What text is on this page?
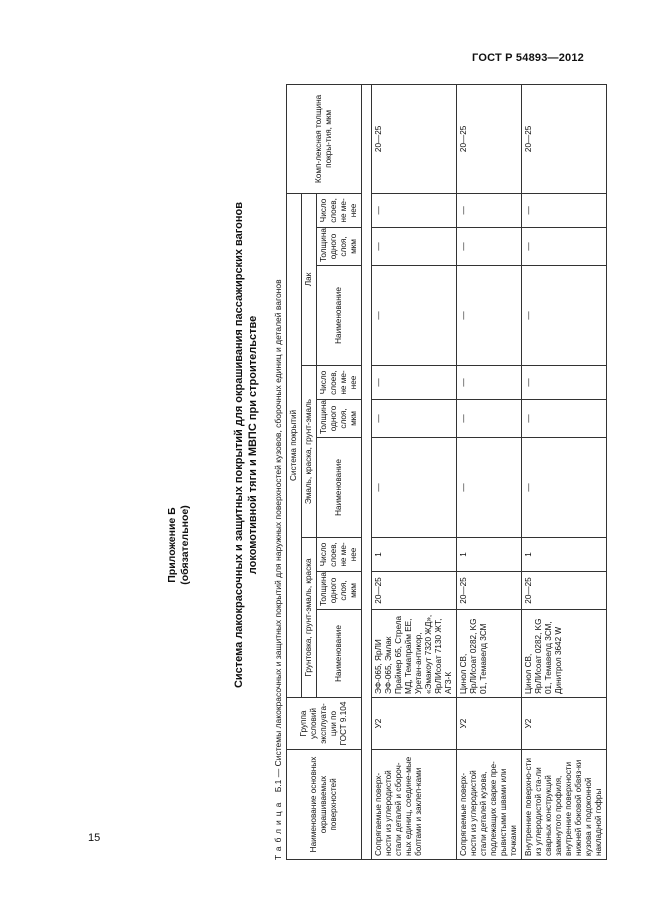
ГОСТ Р 54893—2012
Приложение Б (обязательное)	Система лакокрасочных и защитных покрытий для окрашивания пассажирских вагонов локомотивной тяги и МВПС при строительстве
Таблица Б.1 — Системы лакокрасочных и защитных покрытий для наружных поверхностей кузовов, сборочных единиц и деталей вагонов
Наименование основных окрашиваемых поверхностей	Группа условий эксплуата-ции по ГОСТ 9.104	Система покрытий									Комп-лексная толщина покры-тия, мкм
		Грунтовка, грунт-эмаль, краска			Эмаль, краска, грунт-эмаль			Лак			
		Наименование	Толщина одного слоя, мкм	Число слоев, не ме-нее	Наименование	Толщина одного слоя, мкм	Число слоев, не ме-нее	Наименование	Толщина одного слоя, мкм	Число слоев, не ме-нее	

Сопрягаемые поверх-ности из углеродистой стали деталей и сбороч-ных единиц, соедине-мые болтами и заклеп-ками	У2	ЭФ-065, ЯрЛИ ЭФ-065, Эмлак Праймер 65, Стрела МД, Темапрайм ЕЕ, Уретан-антикор, «Эмакоут 7320 ЖД», ЯрЛИсоат 7130 ЖТ, АГЗ-К	20—25	1	—	—	—	—	—	—	20—25
Сопрягаемые поверх-ности из углеродистой стали деталей кузова, подлежащих сварке пре-рывистыми швами или точками	У2	Цинол СВ, ЯрЛИсоат 0282, KG 01, Темавелд 3СМ	20—25	1	—	—	—	—	—	—	20—25
Внутренние поверхно-сти из углеродистой ста-ли сварных конструкций замкнутого профиля, внутренние поверхности нижней боковой обвяз-ки кузова и подоконной накладной гофры	У2	Цинол СВ, ЯрЛИсоат 0282, KG 01, Темавелд 3СМ, Динитрол 3642 W	20—25	1	—	—	—	—	—	—	20—25
15
